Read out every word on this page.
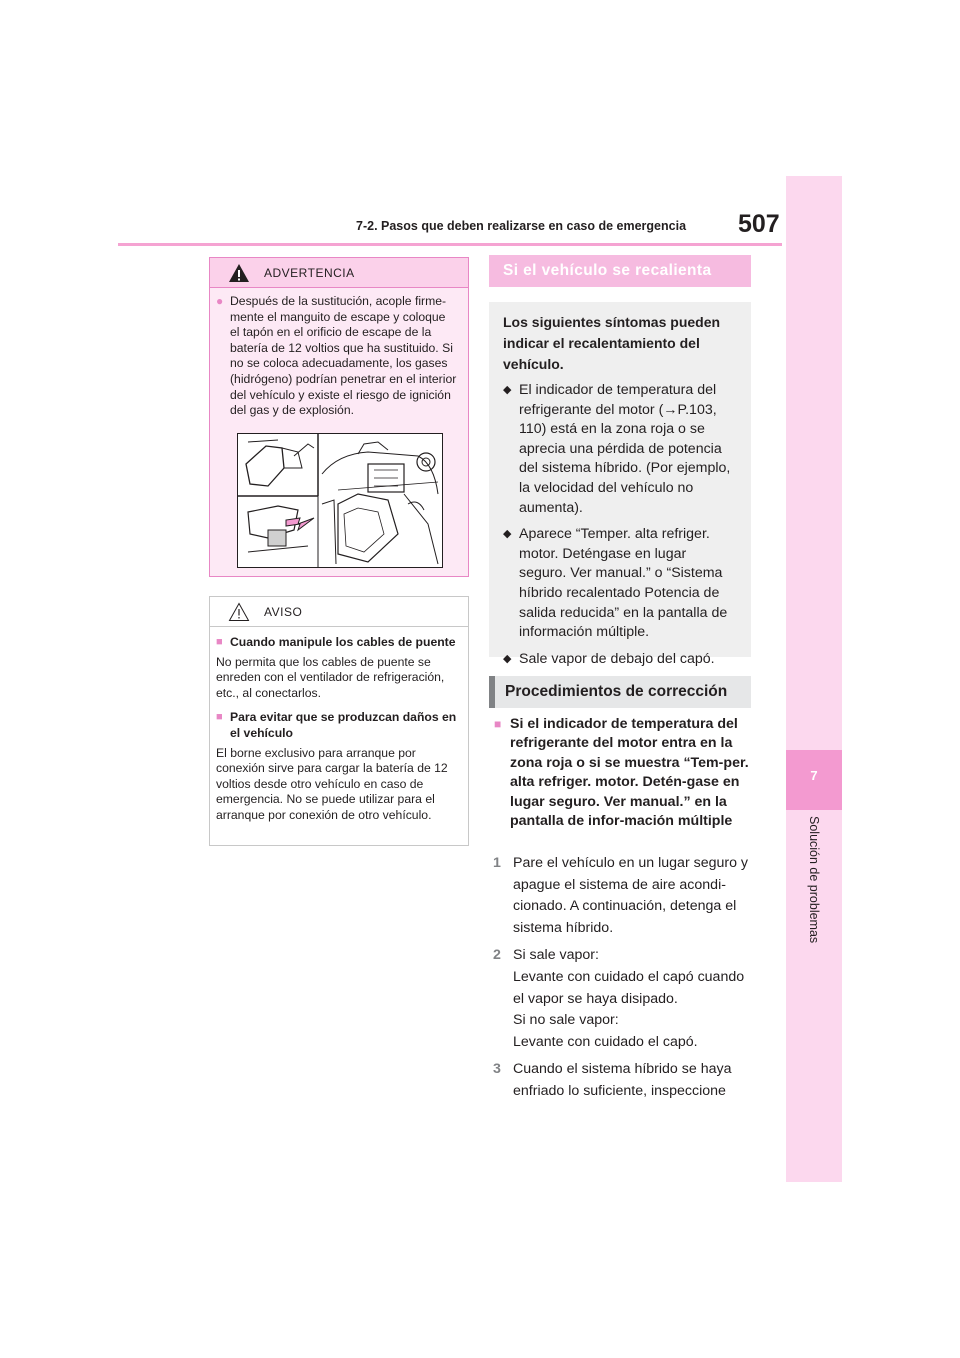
7-2. Pasos que deben realizarse en caso de emergencia 507
7
Solución de problemas
ADVERTENCIA
● Después de la sustitución, acople firme-mente el manguito de escape y coloque el tapón en el orificio de escape de la batería de 12 voltios que ha sustituido. Si no se coloca adecuadamente, los gases (hidrógeno) podrían penetrar en el interior del vehículo y existe el riesgo de ignición del gas y de explosión.
AVISO
■ Cuando manipule los cables de puente
No permita que los cables de puente se enreden con el ventilador de refrigeración, etc., al conectarlos.
■ Para evitar que se produzcan daños en el vehículo
El borne exclusivo para arranque por conexión sirve para cargar la batería de 12 voltios desde otro vehículo en caso de emergencia. No se puede utilizar para el arranque por conexión de otro vehículo.
Si el vehículo se recalienta
Los siguientes síntomas pueden indicar el recalentamiento del vehículo.
◆ El indicador de temperatura del refrigerante del motor (→P.103, 110) está en la zona roja o se aprecia una pérdida de potencia del sistema híbrido. (Por ejemplo, la velocidad del vehículo no aumenta).
◆ Aparece “Temper. alta refriger. motor. Deténgase en lugar seguro. Ver manual.” o “Sistema híbrido recalentado Potencia de salida reducida” en la pantalla de información múltiple.
◆ Sale vapor de debajo del capó.
Procedimientos de corrección
■ Si el indicador de temperatura del refrigerante del motor entra en la zona roja o si se muestra “Tem-per. alta refriger. motor. Detén-gase en lugar seguro. Ver manual.” en la pantalla de infor-mación múltiple
1 Pare el vehículo en un lugar seguro y apague el sistema de aire acondi-cionado. A continuación, detenga el sistema híbrido.
2 Si sale vapor:
Levante con cuidado el capó cuando el vapor se haya disipado.
Si no sale vapor:
Levante con cuidado el capó.
3 Cuando el sistema híbrido se haya enfriado lo suficiente, inspeccione
